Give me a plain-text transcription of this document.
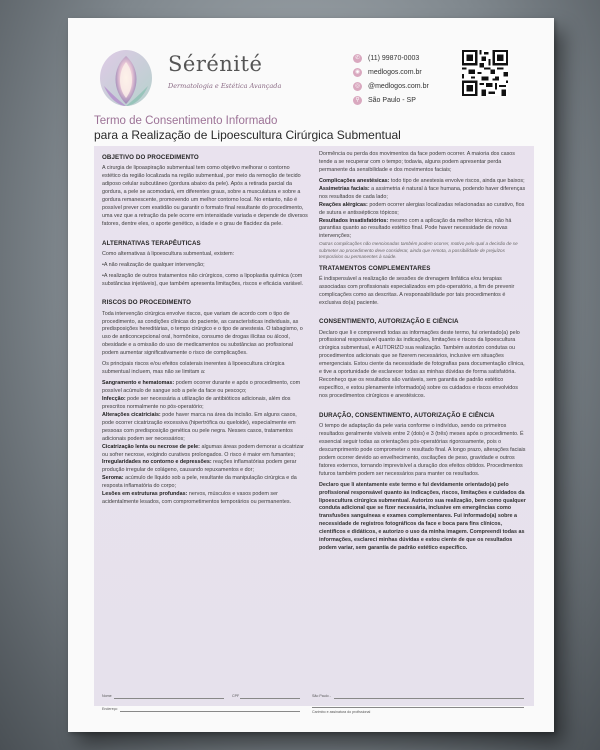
Sérénité
Dermatologia e Estética Avançada
✆	(11) 99870-0003
◉ medlogos.com.br
◎ @medlogos.com.br
⚲	São Paulo - SP
Termo de Consentimento Informado
para a Realização de Lipoescultura Cirúrgica Submentual
OBJETIVO DO PROCEDIMENTO

A cirurgia de lipoaspiração submentual tem como objetivo melhorar o contorno estético da região localizada na região submentual, por meio da remoção de tecido adiposo celular subcutâneo (gordura abaixo da pele). Após a retirada parcial da gordura, a pele se acomodará, em diferentes graus, sobre a musculatura e sobre a gordura remanescente, promovendo um melhor contorno local. No entanto, não é possível prever com exatidão ou garantir o formato final resultante do procedimento, uma vez que a retração da pele ocorre em intensidade variada e depende de diversos fatores, dentre eles, o aporte genético, a idade e o grau de flacidez da pele.

ALTERNATIVAS TERAPÊUTICAS

Como alternativas à lipoescultura submentual, existem:

•A não realização de qualquer intervenção;

•A realização de outros tratamentos não cirúrgicos, como a lipoplastia química (com substâncias injetáveis), que também apresenta limitações, riscos e eficácia variável.

RISCOS DO PROCEDIMENTO

Toda intervenção cirúrgica envolve riscos, que variam de acordo com o tipo de procedimento, as condições clínicas do paciente, as características individuais, as predisposições hereditárias, o tempo cirúrgico e o tipo de anestesia. O tabagismo, o uso de anticoncepcional oral, hormônios, consumo de drogas ilícitas ou álcool, obesidade e a omissão do uso de medicamentos ou substâncias ao profissional podem aumentar significativamente o risco de complicações.

Os principais riscos e/ou efeitos colaterais inerentes à lipoescultura cirúrgica submentual incluem, mas não se limitam a:

Sangramento e hematomas: podem ocorrer durante e após o procedimento, com possível acúmulo de sangue sob a pele da face ou pescoço;
Infecção: pode ser necessária a utilização de antibióticos adicionais, além dos prescritos normalmente no pós-operatório;
Alterações cicatriciais: pode haver marca na área da incisão. Em alguns casos, pode ocorrer cicatrização excessiva (hipertrófica ou queloide), especialmente em pessoas com predisposição genética ou pele negra. Nesses casos, tratamentos adicionais podem ser necessários;
Cicatrização lenta ou necrose de pele: algumas áreas podem demorar a cicatrizar ou sofrer necrose, exigindo curativos prolongados. O risco é maior em fumantes;
Irregularidades no contorno e depressões: reações inflamatórias podem gerar produção irregular de colágeno, causando repuxamentos e dor;
Seroma: acúmulo de líquido sob a pele, resultante da manipulação cirúrgica e da resposta inflamatória do corpo;
Lesões em estruturas profundas: nervos, músculos e vasos podem ser acidentalmente lesados, com comprometimentos temporários ou permanentes.

Dormência ou perda dos movimentos da face podem ocorrer. A maioria dos casos tende a se recuperar com o tempo; todavia, alguns podem apresentar perda permanente da sensibilidade e dos movimentos faciais;

Complicações anestésicas: todo tipo de anestesia envolve riscos, ainda que baixos;
Assimetrias faciais: a assimetria é natural à face humana, podendo haver diferenças nos resultados de cada lado;
Reações alérgicas: podem ocorrer alergias localizadas relacionadas ao curativo, fios de sutura e antissépticos tópicos;
Resultados insatisfatórios: mesmo com a aplicação da melhor técnica, não há garantias quanto ao resultado estético final. Pode haver necessidade de novas intervenções;

Outras complicações não mencionadas também podem ocorrer, motivo pelo qual a decisão de se submeter ao procedimento deve considerar, ainda que remota, a possibilidade de prejuízos temporários ou permanentes à saúde.

TRATAMENTOS COMPLEMENTARES

É indispensável a realização de sessões de drenagem linfática e/ou terapias associadas com profissionais especializados em pós-operatório, a fim de prevenir complicações como as descritas. A responsabilidade por tais procedimentos é exclusiva do(a) paciente.

CONSENTIMENTO, AUTORIZAÇÃO E CIÊNCIA

Declaro que li e compreendi todas as informações deste termo, fui orientado(a) pelo profissional responsável quanto às indicações, limitações e riscos da lipoescultura cirúrgica submentual, e AUTORIZO sua realização. Também autorizo condutas ou procedimentos adicionais que se fizerem necessários, inclusive em situações emergenciais. Estou ciente da necessidade de fotografias para documentação clínica, e tive a oportunidade de esclarecer todas as minhas dúvidas de forma satisfatória. Reconheço que os resultados são variáveis, sem garantia de padrão estético específico, e estou plenamente informado(a) sobre os cuidados e riscos envolvidos nos procedimentos cirúrgicos e anestésicos.

DURAÇÃO, CONSENTIMENTO, AUTORIZAÇÃO E CIÊNCIA

O tempo de adaptação da pele varia conforme o indivíduo, sendo os primeiros resultados geralmente visíveis entre 2 (dois) e 3 (três) meses após o procedimento. É essencial seguir todas as orientações pós-operatórias rigorosamente, pois o descumprimento pode comprometer o resultado final. A longo prazo, alterações faciais podem ocorrer devido ao envelhecimento, oscilações de peso, gravidade e outros fatores externos, tornando imprevisível a duração dos efeitos obtidos. Procedimentos futuros também podem ser necessários para manter os resultados.

Declaro que li atentamente este termo e fui devidamente orientado(a) pelo profissional responsável quanto às indicações, riscos, limitações e cuidados da lipoescultura cirúrgica submentual. Autorizo sua realização, bem como qualquer conduta adicional que se fizer necessária, inclusive em emergências como transfusões sanguíneas e exames complementares. Fui informado(a) sobre a necessidade de registros fotográficos da face e boca para fins clínicos, científicos e didáticos, e autorizo o uso da minha imagem. Compreendi todas as informações, esclareci minhas dúvidas e estou ciente de que os resultados podem variar, sem garantia de padrão estético específico.

Nome	CPF	São Paulo -
Endereço
Carimbo e assinatura do profissional
